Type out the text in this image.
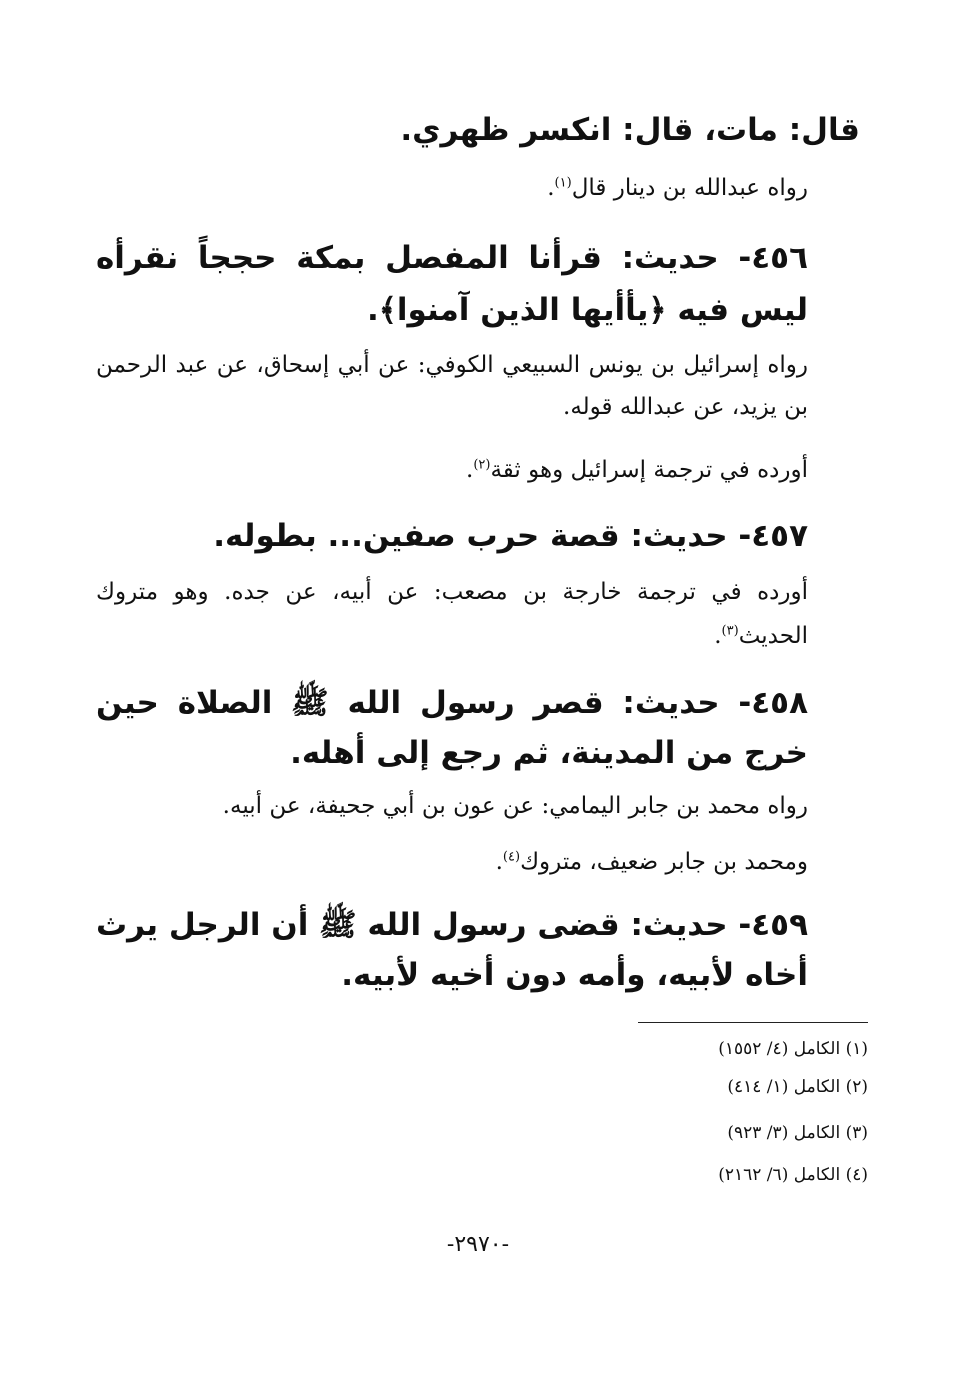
قال: مات، قال: انكسر ظهري.
رواه عبدالله بن دينار قال$^{(١)}$.
٤٥٦- حديث: قرأنا المفصل بمكة حججاً نقرأه ليس فيه ﴿يأأيها الذين آمنوا﴾.
رواه إسرائيل بن يونس السبيعي الكوفي: عن أبي إسحاق، عن عبد الرحمن بن يزيد، عن عبدالله قوله.
أورده في ترجمة إسرائيل وهو ثقة$^{(٢)}$.
٤٥٧- حديث: قصة حرب صفين... بطوله.
أورده في ترجمة خارجة بن مصعب: عن أبيه، عن جده. وهو متروك الحديث$^{(٣)}$.
٤٥٨- حديث: قصر رسول الله ﷺ الصلاة حين خرج من المدينة، ثم رجع إلى أهله.
رواه محمد بن جابر اليمامي: عن عون بن أبي جحيفة، عن أبيه.
ومحمد بن جابر ضعيف، متروك$^{(٤)}$.
٤٥٩- حديث: قضى رسول الله ﷺ أن الرجل يرث أخاه لأبيه، وأمه دون أخيه لأبيه.
(١) الكامل (٤/ ١٥٥٢)
(٢) الكامل (١/ ٤١٤)
(٣) الكامل (٣/ ٩٢٣)
(٤) الكامل (٦/ ٢١٦٢)
-٢٩٧٠-
